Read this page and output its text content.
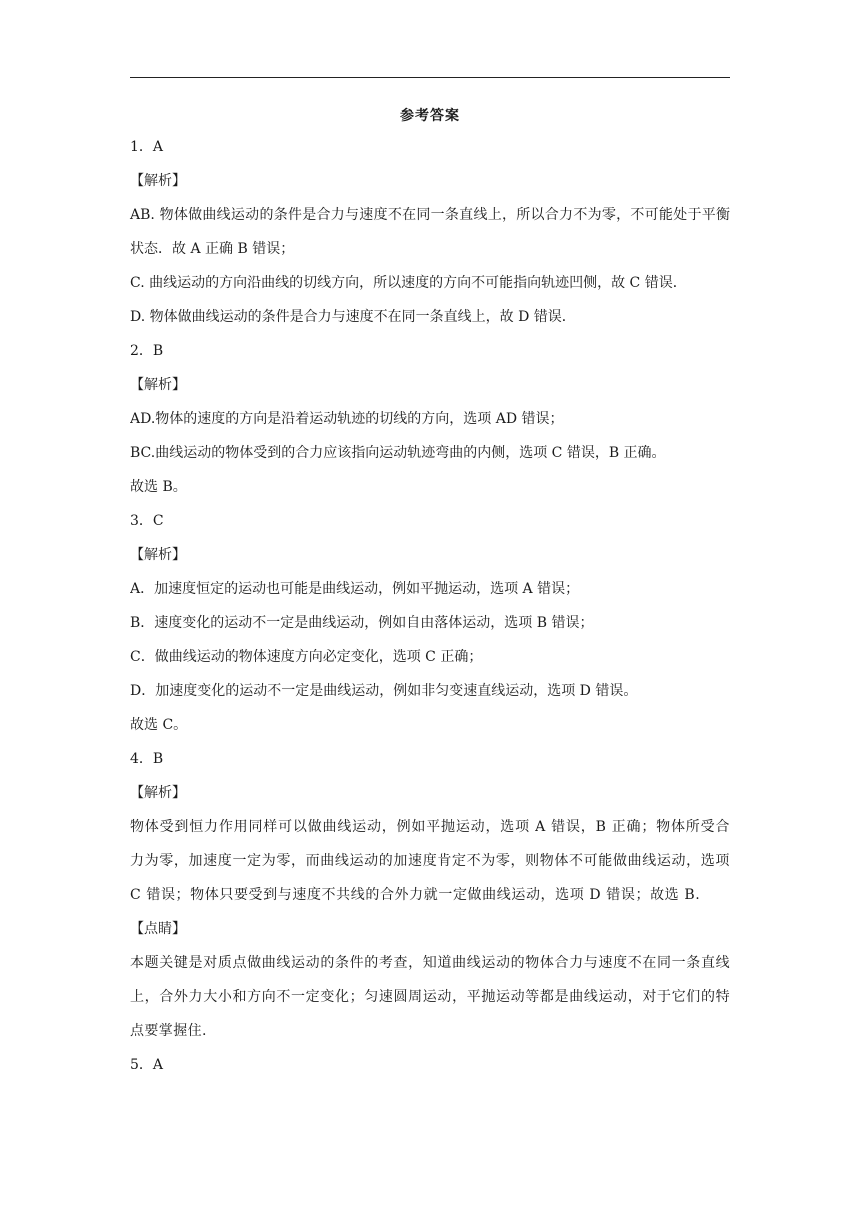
参考答案
1．A
【解析】
AB. 物体做曲线运动的条件是合力与速度不在同一条直线上，所以合力不为零，不可能处于平衡状态．故 A 正确 B 错误；
C. 曲线运动的方向沿曲线的切线方向，所以速度的方向不可能指向轨迹凹侧，故 C 错误．
D. 物体做曲线运动的条件是合力与速度不在同一条直线上，故 D 错误．
2．B
【解析】
AD.物体的速度的方向是沿着运动轨迹的切线的方向，选项 AD 错误；
BC.曲线运动的物体受到的合力应该指向运动轨迹弯曲的内侧，选项 C 错误，B 正确。
故选 B。
3．C
【解析】
A．加速度恒定的运动也可能是曲线运动，例如平抛运动，选项 A 错误；
B．速度变化的运动不一定是曲线运动，例如自由落体运动，选项 B 错误；
C．做曲线运动的物体速度方向必定变化，选项 C 正确；
D．加速度变化的运动不一定是曲线运动，例如非匀变速直线运动，选项 D 错误。
故选 C。
4．B
【解析】
物体受到恒力作用同样可以做曲线运动，例如平抛运动，选项 A 错误，B 正确；物体所受合力为零，加速度一定为零，而曲线运动的加速度肯定不为零，则物体不可能做曲线运动，选项 C 错误；物体只要受到与速度不共线的合外力就一定做曲线运动，选项 D 错误；故选 B.
【点睛】
本题关键是对质点做曲线运动的条件的考查，知道曲线运动的物体合力与速度不在同一条直线上，合外力大小和方向不一定变化；匀速圆周运动，平抛运动等都是曲线运动，对于它们的特点要掌握住.
5．A
